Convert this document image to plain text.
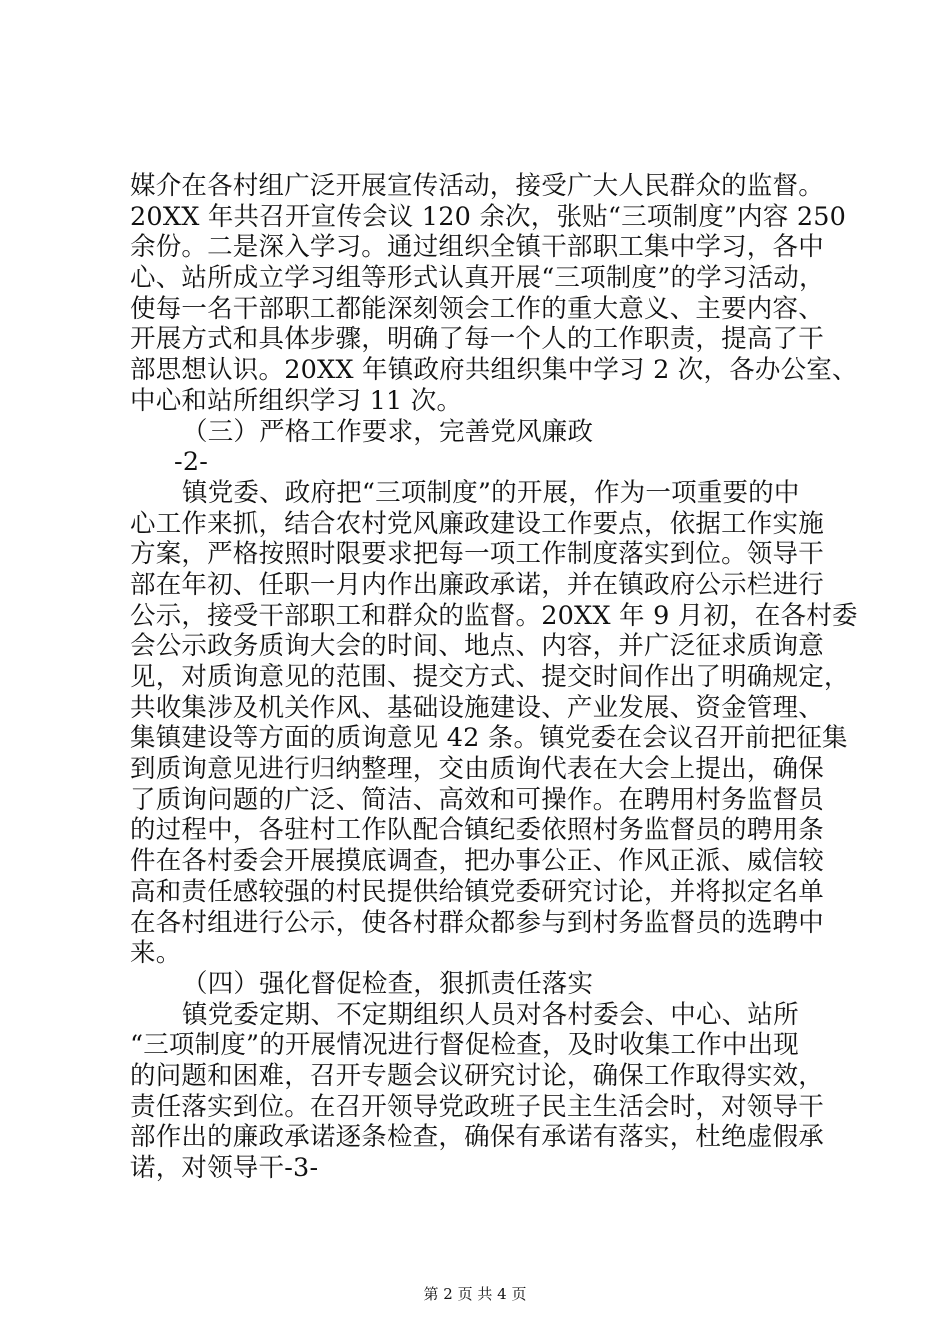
媒介在各村组广泛开展宣传活动，接受广大人民群众的监督。
20XX 年共召开宣传会议 120 余次，张贴“三项制度”内容 250
余份。二是深入学习。通过组织全镇干部职工集中学习，各中
心、站所成立学习组等形式认真开展“三项制度”的学习活动，
使每一名干部职工都能深刻领会工作的重大意义、主要内容、
开展方式和具体步骤，明确了每一个人的工作职责，提高了干
部思想认识。20XX 年镇政府共组织集中学习 2 次，各办公室、
中心和站所组织学习 11 次。
（三）严格工作要求，完善党风廉政
-2-
镇党委、政府把“三项制度”的开展，作为一项重要的中
心工作来抓，结合农村党风廉政建设工作要点，依据工作实施
方案，严格按照时限要求把每一项工作制度落实到位。领导干
部在年初、任职一月内作出廉政承诺，并在镇政府公示栏进行
公示，接受干部职工和群众的监督。20XX 年 9 月初，在各村委
会公示政务质询大会的时间、地点、内容，并广泛征求质询意
见，对质询意见的范围、提交方式、提交时间作出了明确规定，
共收集涉及机关作风、基础设施建设、产业发展、资金管理、
集镇建设等方面的质询意见 42 条。镇党委在会议召开前把征集
到质询意见进行归纳整理，交由质询代表在大会上提出，确保
了质询问题的广泛、简洁、高效和可操作。在聘用村务监督员
的过程中，各驻村工作队配合镇纪委依照村务监督员的聘用条
件在各村委会开展摸底调查，把办事公正、作风正派、威信较
高和责任感较强的村民提供给镇党委研究讨论，并将拟定名单
在各村组进行公示，使各村群众都参与到村务监督员的选聘中
来。
（四）强化督促检查，狠抓责任落实
镇党委定期、不定期组织人员对各村委会、中心、站所
“三项制度”的开展情况进行督促检查，及时收集工作中出现
的问题和困难，召开专题会议研究讨论，确保工作取得实效，
责任落实到位。在召开领导党政班子民主生活会时，对领导干
部作出的廉政承诺逐条检查，确保有承诺有落实，杜绝虚假承
诺，对领导干-3-
第 2 页 共 4 页
